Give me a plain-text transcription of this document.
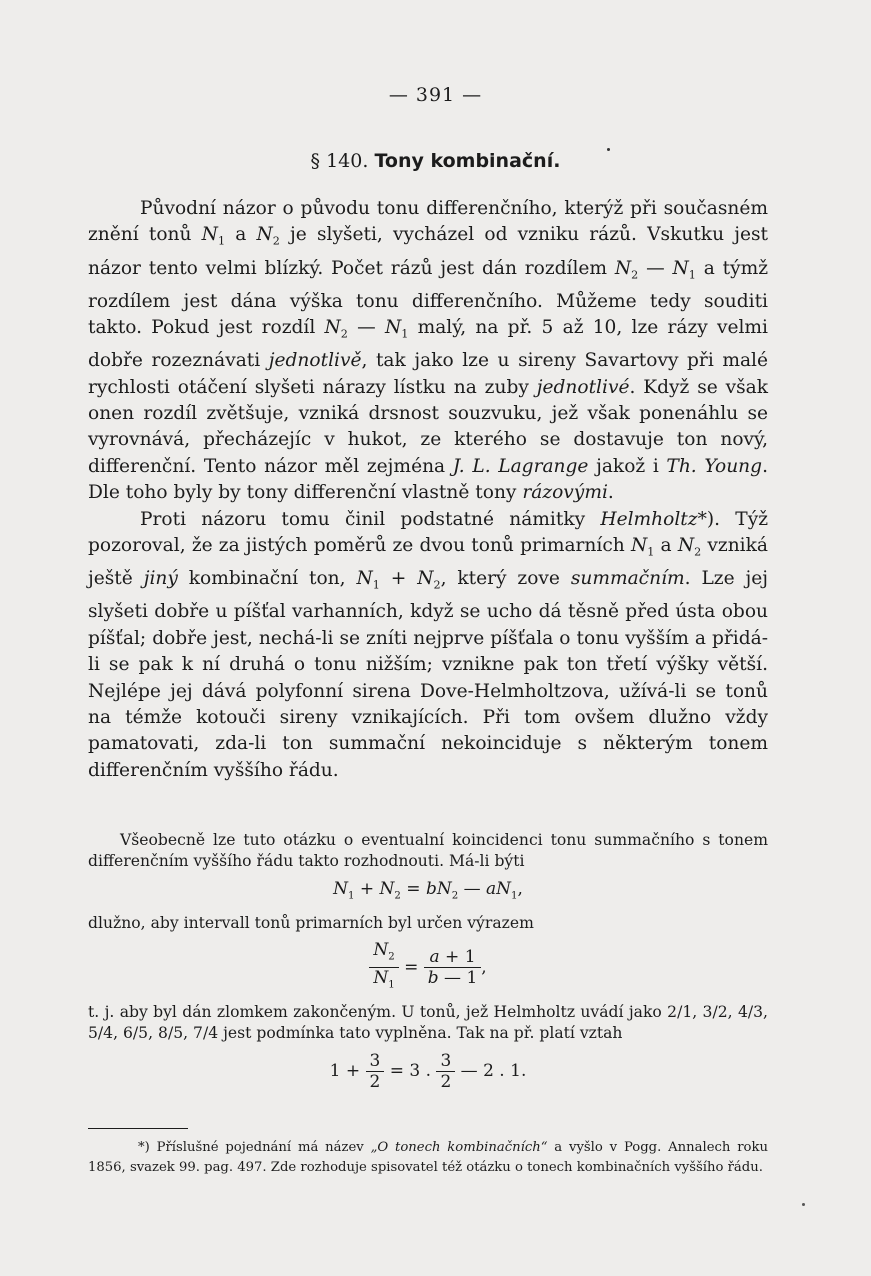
— 391 —
§ 140. Tony kombinační.

Původní názor o původu tonu differenčního, kterýž při současném znění tonů $N_1$ a $N_2$ je slyšeti, vycházel od vzniku rázů. Vskutku jest názor tento velmi blízký. Počet rázů jest dán rozdílem $N_2$ — $N_1$ a týmž rozdílem jest dána výška tonu differenčního. Můžeme tedy souditi takto. Pokud jest rozdíl $N_2$ — $N_1$ malý, na př. 5 až 10, lze rázy velmi dobře rozeznávati jednotlivě, tak jako lze u sireny Savartovy při malé rychlosti otáčení slyšeti nárazy lístku na zuby jednotlivé. Když se však onen rozdíl zvětšuje, vzniká drsnost souzvuku, jež však ponenáhlu se vyrovnává, přecházejíc v hukot, ze kterého se dostavuje ton nový, differenční. Tento názor měl zejména J. L. Lagrange jakož i Th. Young. Dle toho byly by tony differenční vlastně tony rázovými.

Proti názoru tomu činil podstatné námitky Helmholtz*). Týž pozoroval, že za jistých poměrů ze dvou tonů primarních $N_1$ a $N_2$ vzniká ještě jiný kombinační ton, $N_1 + N_2$, který zove summačním. Lze jej slyšeti dobře u píšťal varhanních, když se ucho dá těsně před ústa obou píšťal; dobře jest, nechá-li se zníti nejprve píšťala o tonu vyšším a přidá-li se pak k ní druhá o tonu nižším; vznikne pak ton třetí výšky větší. Nejlépe jej dává polyfonní sirena Dove-Helmholtzova, užívá-li se tonů na témže kotouči sireny vznikajících. Při tom ovšem dlužno vždy pamatovati, zda-li ton summační nekoinciduje s některým tonem differenčním vyššího řádu.

Všeobecně lze tuto otázku o eventualní koincidenci tonu summačního s tonem differenčním vyššího řádu takto rozhodnouti. Má-li býti

$N_1 + N_2 = bN_2$ — $aN_1$,

dlužno, aby intervall tonů primarních byl určen výrazem

$\frac{N_2}{N_1} = \frac{a + 1}{b — 1}$ ,

t. j. aby byl dán zlomkem zakončeným. U tonů, jež Helmholtz uvádí jako 2/1, 3/2, 4/3, 5/4, 6/5, 8/5, 7/4 jest podmínka tato vyplněna. Tak na př. platí vztah

$1 + \frac{3}{2} = 3$ . $\frac{3}{2}$ — 2 . 1.

*) Příslušné pojednání má název „O tonech kombinačních“ a vyšlo v Pogg. Annalech roku 1856, svazek 99. pag. 497. Zde rozhoduje spisovatel též otázku o tonech kombinačních vyššího řádu.
